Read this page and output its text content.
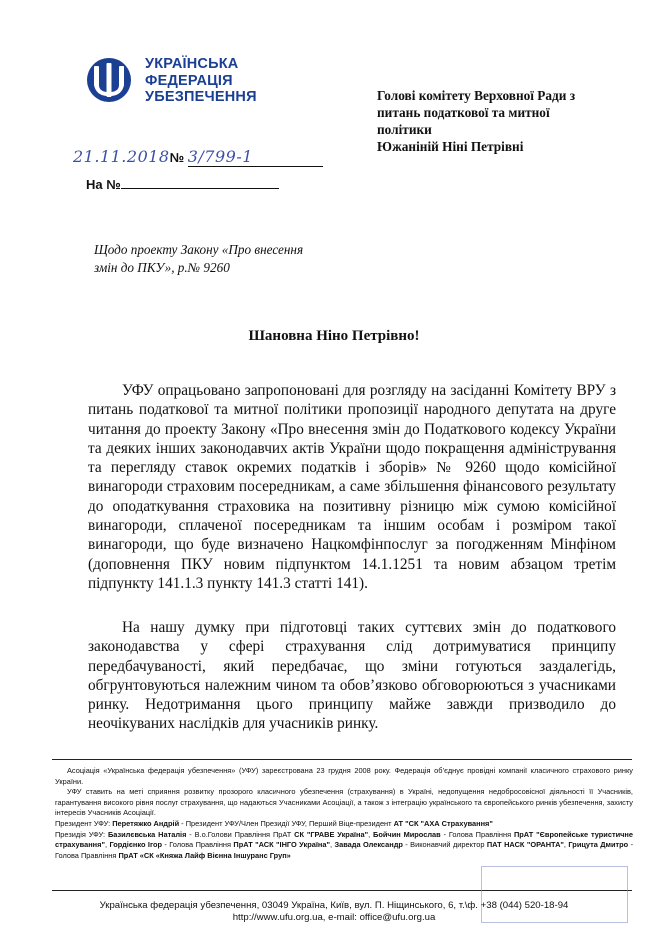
УКРАЇНСЬКА
ФЕДЕРАЦІЯ
УБЕЗПЕЧЕННЯ	Голові комітету Верховної Ради з
питань податкової та митної
політики
Южаніній Ніні Петрівні
21.11.2018№ 3/799-1
На №
Щодо проекту Закону «Про внесення
змін до ПКУ», р.№ 9260
Шановна Ніно Петрівно!

УФУ опрацьовано запропоновані для розгляду на засіданні Комітету ВРУ з питань податкової та митної політики пропозиції народного депутата на друге читання до проекту Закону «Про внесення змін до Податкового кодексу України та деяких інших законодавчих актів України щодо покращення адміністрування та перегляду ставок окремих податків і зборів» № 9260 щодо комісійної винагороди страховим посередникам, а саме збільшення фінансового результату до оподаткування страховика на позитивну різницю між сумою комісійної винагороди, сплаченої посередникам та іншим особам і розміром такої винагороди, що буде визначено Нацкомфінпослуг за погодженням Мінфіном (доповнення ПКУ новим підпунктом 14.1.1251 та новим абзацом третім підпункту 141.1.3 пункту 141.3 статті 141).

На нашу думку при підготовці таких суттєвих змін до податкового законодавства у сфері страхування слід дотримуватися принципу передбачуваності, який передбачає, що зміни готуються заздалегідь, обгрунтовуються належним чином та обов’язково обговорюються з учасниками ринку. Недотримання цього принципу майже завжди призводило до неочікуваних наслідків для учасників ринку.

Асоціація «Українська федерація убезпечення» (УФУ) зареєстрована 23 грудня 2008 року. Федерація об’єднує провідні компанії класичного страхового ринку України.

УФУ ставить на меті сприяння розвитку прозорого класичного убезпечення (страхування) в Україні, недопущення недобросовісної діяльності її Учасників, гарантування високого рівня послуг страхування, що надаються Учасниками Асоціації, а також з інтеграцію українського та європейського ринків убезпечення, захисту інтересів Учасників Асоціації.

Президент УФУ: Перетяжко Андрій - Президент УФУ/Член Президії УФУ, Перший Віце-президент АТ "СК "АХА Страхування"

Президія УФУ: Базилєвська Наталія - В.о.Голови Правління ПрАТ СК "ГРАВЕ Україна", Бойчин Мирослав - Голова Правління ПрАТ "Європейське туристичне страхування", Гордієнко Ігор - Голова Правління ПрАТ "АСК "ІНГО Україна", Завада Олександр - Виконавчий директор ПАТ НАСК "ОРАНТА", Грицута Дмитро - Голова Правління ПрАТ «СК «Княжа Лайф Вієнна Іншуранс Груп»

Українська федерація убезпечення, 03049 Україна, Київ, вул. П. Ніщинського, 6, т.\ф. +38 (044) 520-18-94
http://www.ufu.org.ua, e-mail: office@ufu.org.ua
